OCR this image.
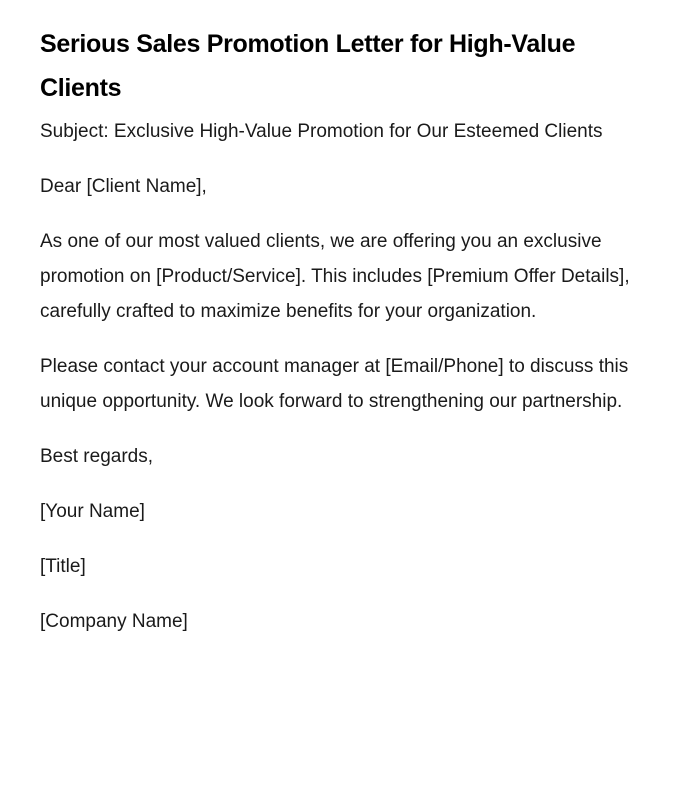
Serious Sales Promotion Letter for High-Value Clients

Subject: Exclusive High-Value Promotion for Our Esteemed Clients

Dear [Client Name],

As one of our most valued clients, we are offering you an exclusive promotion on [Product/Service]. This includes [Premium Offer Details], carefully crafted to maximize benefits for your organization.

Please contact your account manager at [Email/Phone] to discuss this unique opportunity. We look forward to strengthening our partnership.

Best regards,

[Your Name]

[Title]

[Company Name]
